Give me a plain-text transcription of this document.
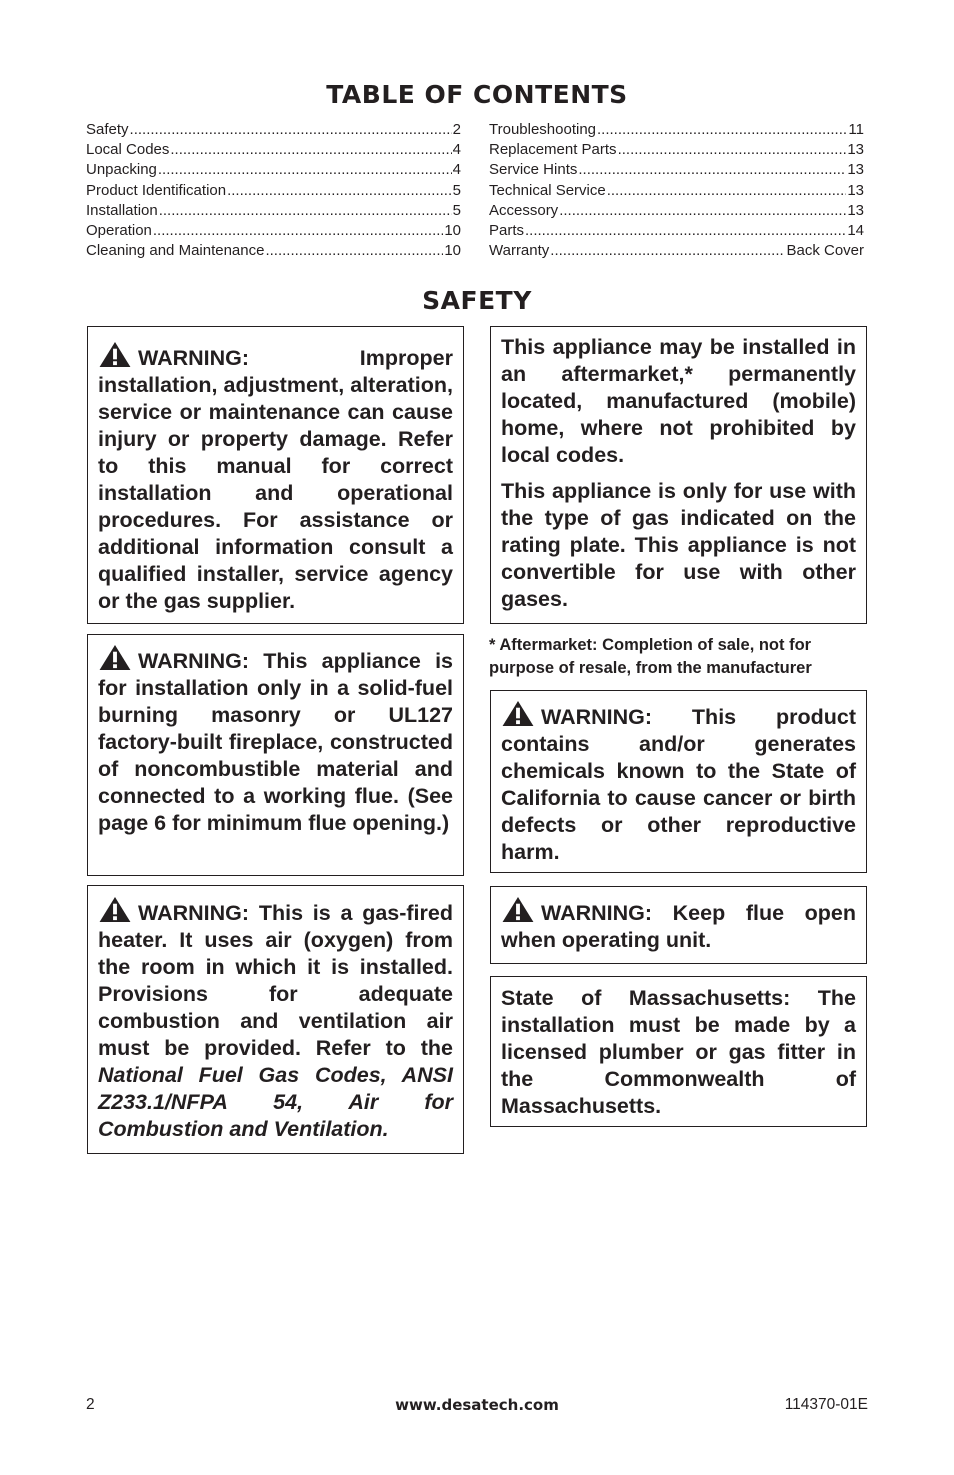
TABLE OF CONTENTS
Safety .....	2
Local Codes .....	4
Unpacking .....	4
Product Identification .....	5
Installation .....	5
Operation .....	10
Cleaning and Maintenance .....	10
Troubleshooting .....	11
Replacement Parts .....	13
Service Hints .....	13
Technical Service .....	13
Accessory .....	13
Parts .....	14
Warranty .....	Back Cover
SAFETY

WARNING: Improper installation, adjustment, alteration, service or maintenance can cause injury or property damage. Refer to this manual for correct installation and operational procedures. For assistance or additional information consult a qualified installer, service agency or the gas supplier.

WARNING: This appliance is for installation only in a solid-fuel burning masonry or UL127 factory-built fireplace, constructed of noncombustible material and connected to a working flue. (See page 6 for minimum flue opening.)

WARNING: This is a gas-fired heater. It uses air (oxygen) from the room in which it is installed. Provisions for adequate combustion and ventilation air must be provided. Refer to the National Fuel Gas Codes, ANSI Z233.1/NFPA 54, Air for Combustion and Ventilation.

This appliance may be installed in an aftermarket,* permanently located, manufactured (mobile) home, where not prohibited by local codes.

This appliance is only for use with the type of gas indicated on the rating plate. This appliance is not convertible for use with other gases.

* Aftermarket: Completion of sale, not for purpose of resale, from the manufacturer

WARNING: This product contains and/or generates chemicals known to the State of California to cause cancer or birth defects or other reproductive harm.

WARNING: Keep flue open when operating unit.

State of Massachusetts: The installation must be made by a licensed plumber or gas fitter in the Commonwealth of Massachusetts.

2	www.desatech.com	114370-01E
